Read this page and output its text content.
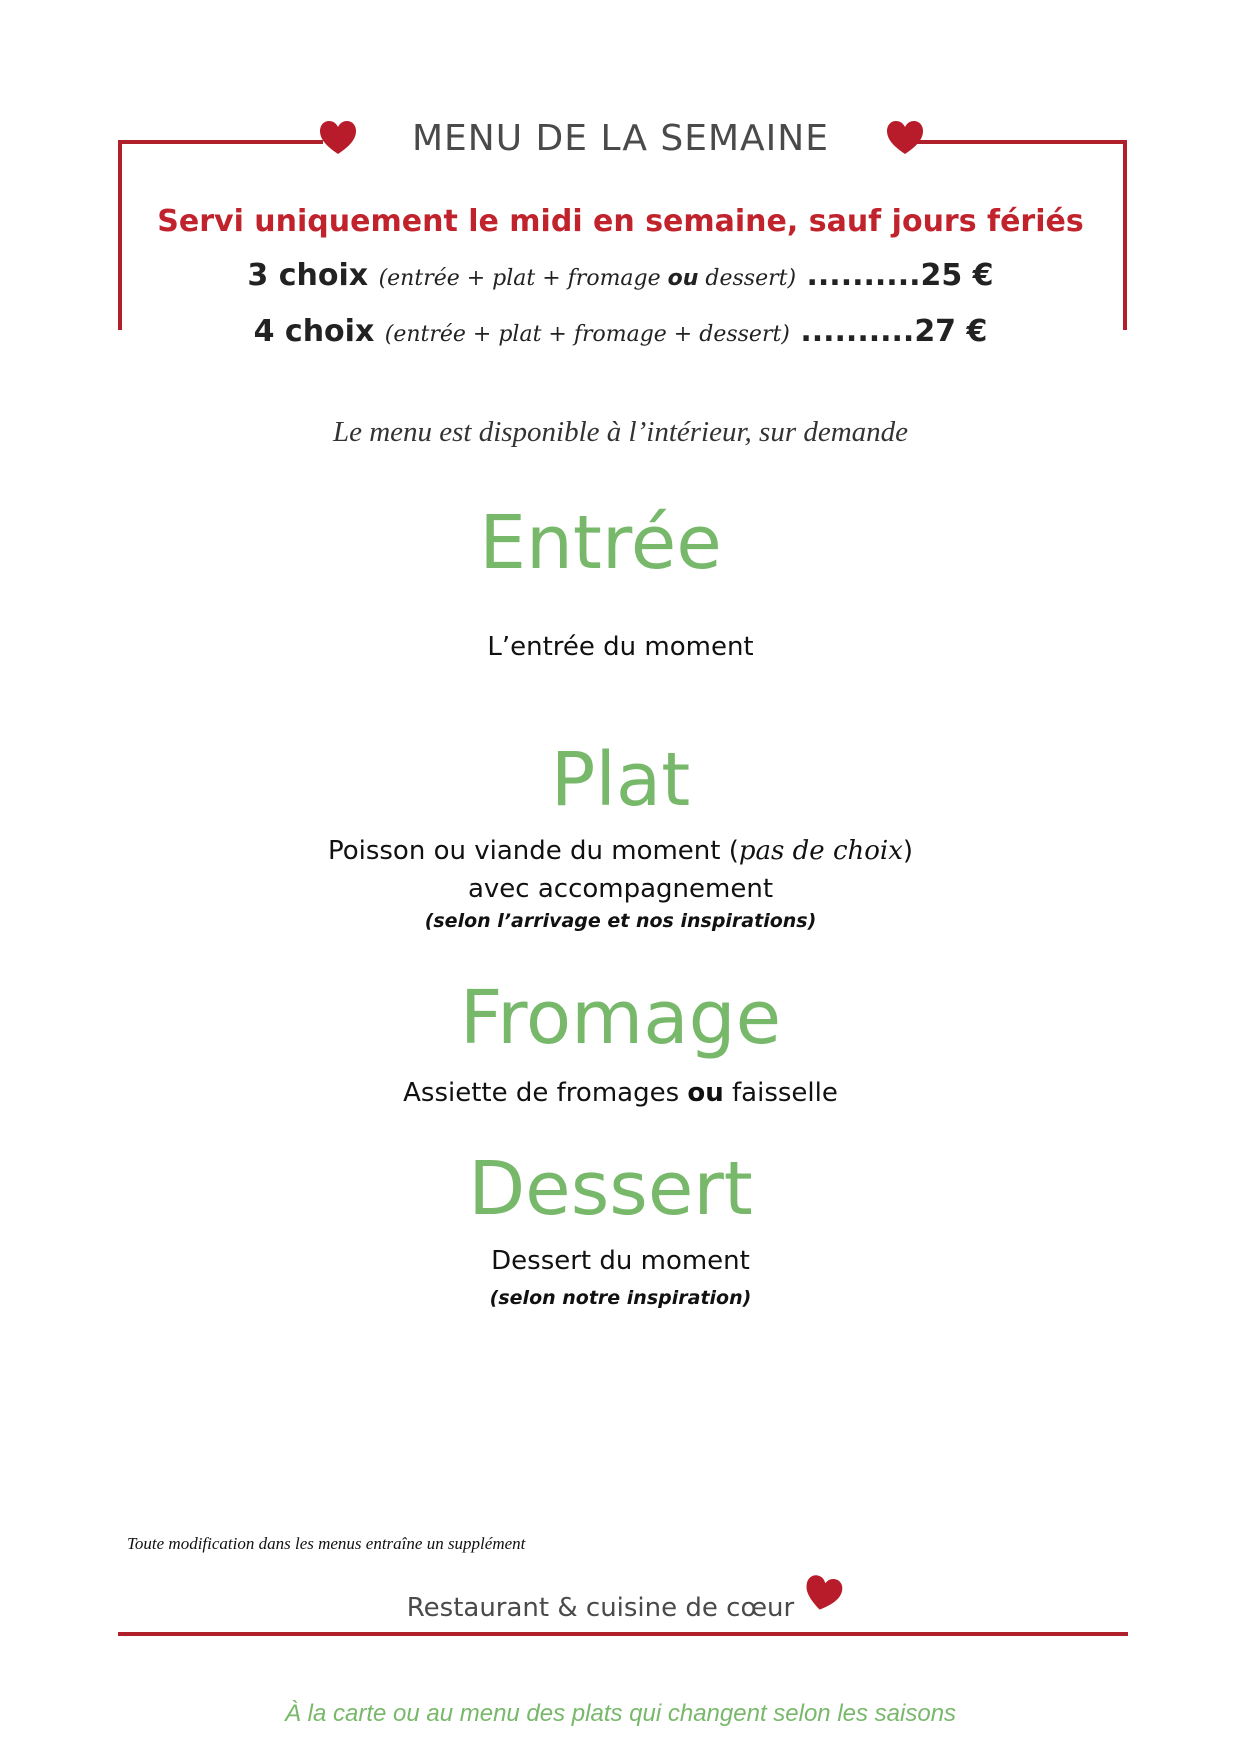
MENU DE LA SEMAINE
Servi uniquement le midi en semaine, sauf jours fériés
3 choix (entrée + plat + fromage ou dessert) ..........25 €
4 choix (entrée + plat + fromage + dessert) ..........27 €
Le menu est disponible à l’intérieur, sur demande
Entrée
L’entrée du moment
Plat
Poisson ou viande du moment (pas de choix)
avec accompagnement
(selon l’arrivage et nos inspirations)
Fromage
Assiette de fromages ou faisselle
Dessert
Dessert du moment
(selon notre inspiration)
Toute modification dans les menus entraîne un supplément
Restaurant & cuisine de cœur
À la carte ou au menu des plats qui changent selon les saisons
